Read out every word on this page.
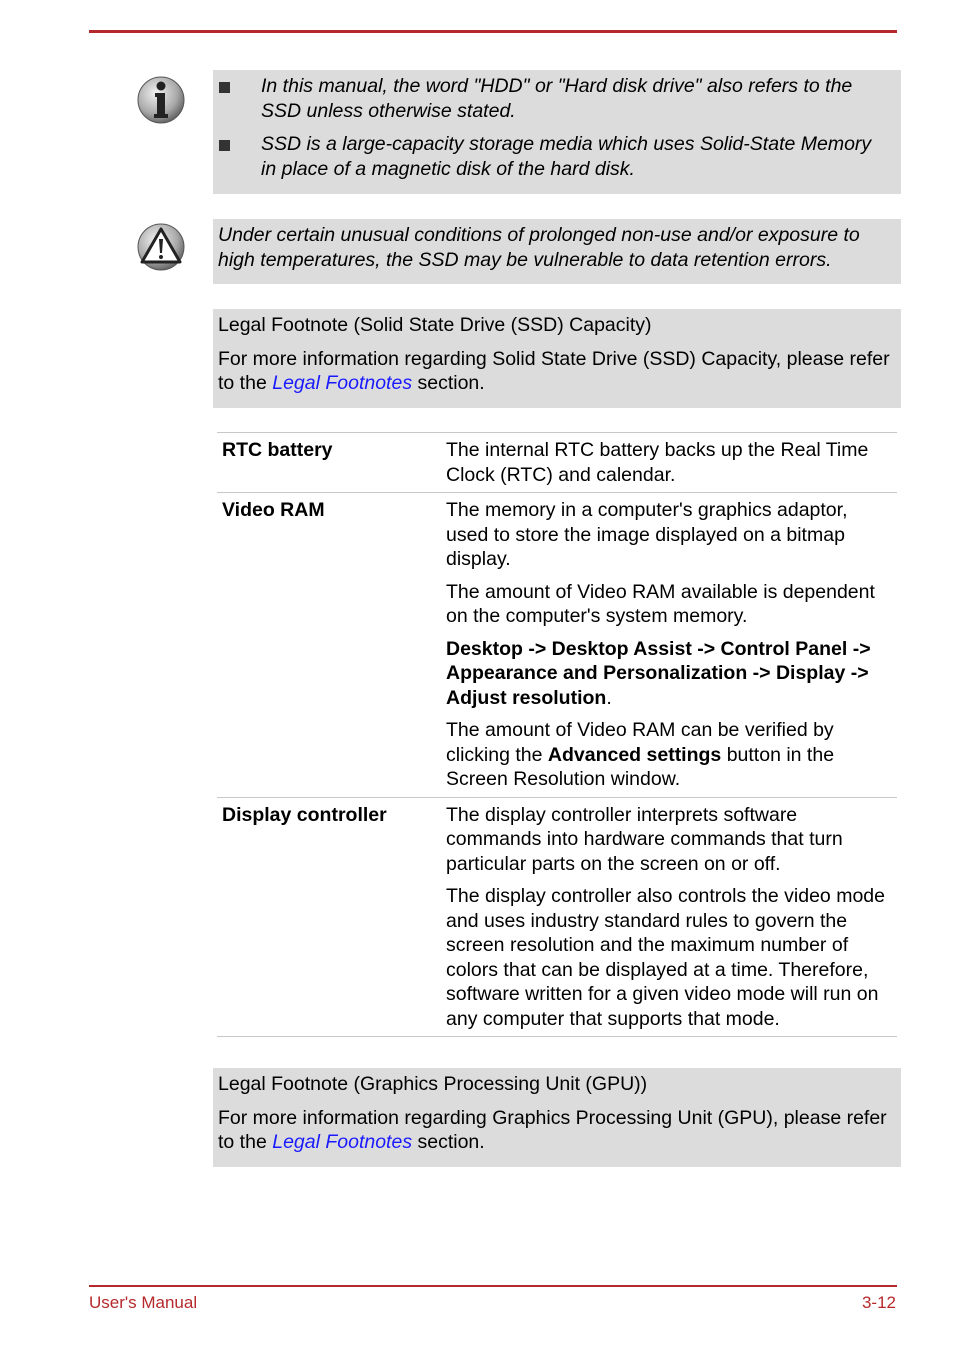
In this manual, the word "HDD" or "Hard disk drive" also refers to the SSD unless otherwise stated.
SSD is a large-capacity storage media which uses Solid-State Memory in place of a magnetic disk of the hard disk.
Under certain unusual conditions of prolonged non-use and/or exposure to high temperatures, the SSD may be vulnerable to data retention errors.

Legal Footnote (Solid State Drive (SSD) Capacity)

For more information regarding Solid State Drive (SSD) Capacity, please refer to the Legal Footnotes section.

RTC battery	The internal RTC battery backs up the Real Time Clock (RTC) and calendar.

Video RAM	The memory in a computer's graphics adaptor, used to store the image displayed on a bitmap display.

The amount of Video RAM available is dependent on the computer's system memory.

Desktop -> Desktop Assist -> Control Panel -> Appearance and Personalization -> Display -> Adjust resolution.

The amount of Video RAM can be verified by clicking the Advanced settings button in the Screen Resolution window.

Display controller	The display controller interprets software commands into hardware commands that turn particular parts on the screen on or off.

The display controller also controls the video mode and uses industry standard rules to govern the screen resolution and the maximum number of colors that can be displayed at a time. Therefore, software written for a given video mode will run on any computer that supports that mode.

Legal Footnote (Graphics Processing Unit (GPU))

For more information regarding Graphics Processing Unit (GPU), please refer to the Legal Footnotes section.

User's Manual	3-12
